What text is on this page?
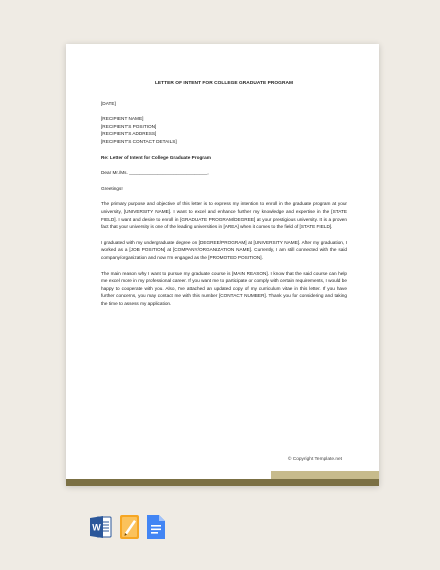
LETTER OF INTENT FOR COLLEGE GRADUATE PROGRAM
[DATE]
[RECIPIENT NAME]
[RECIPIENT'S POSITION]
[RECIPIENT'S ADDRESS]
[RECIPIENT'S CONTACT DETAILS]
Re: Letter of Intent for College Graduate Program
Dear Mr./Ms. ______________________________,
Greetings!
The primary purpose and objective of this letter is to express my intention to enroll in the graduate program at your university, [UNIVERSITY NAME]. I want to excel and enhance further my knowledge and expertise in the [STATE FIELD]. I want and desire to enroll in [GRADUATE PROGRAM/DEGREE] at your prestigious university. It is a proven fact that your university is one of the leading universities in [AREA] when it comes to the field of [STATE FIELD].
I graduated with my undergraduate degree on [DEGREE/PROGRAM] at [UNIVERSITY NAME]. After my graduation, I worked as a [JOB POSITION] at [COMPANY/ORGANIZATION NAME]. Currently, I am still connected with the said company/organization and now I'm engaged as the [PROMOTED POSITION].
The main reason why I want to pursue my graduate course is [MAIN REASON]. I know that the said course can help me excel more in my professional career. If you want me to participate or comply with certain requirements, I would be happy to cooperate with you. Also, I've attached an updated copy of my curriculum vitae in this letter. If you have further concerns, you may contact me with this number [CONTACT NUMBER]. Thank you for considering and taking the time to assess my application.
© Copyright Template.net
W
